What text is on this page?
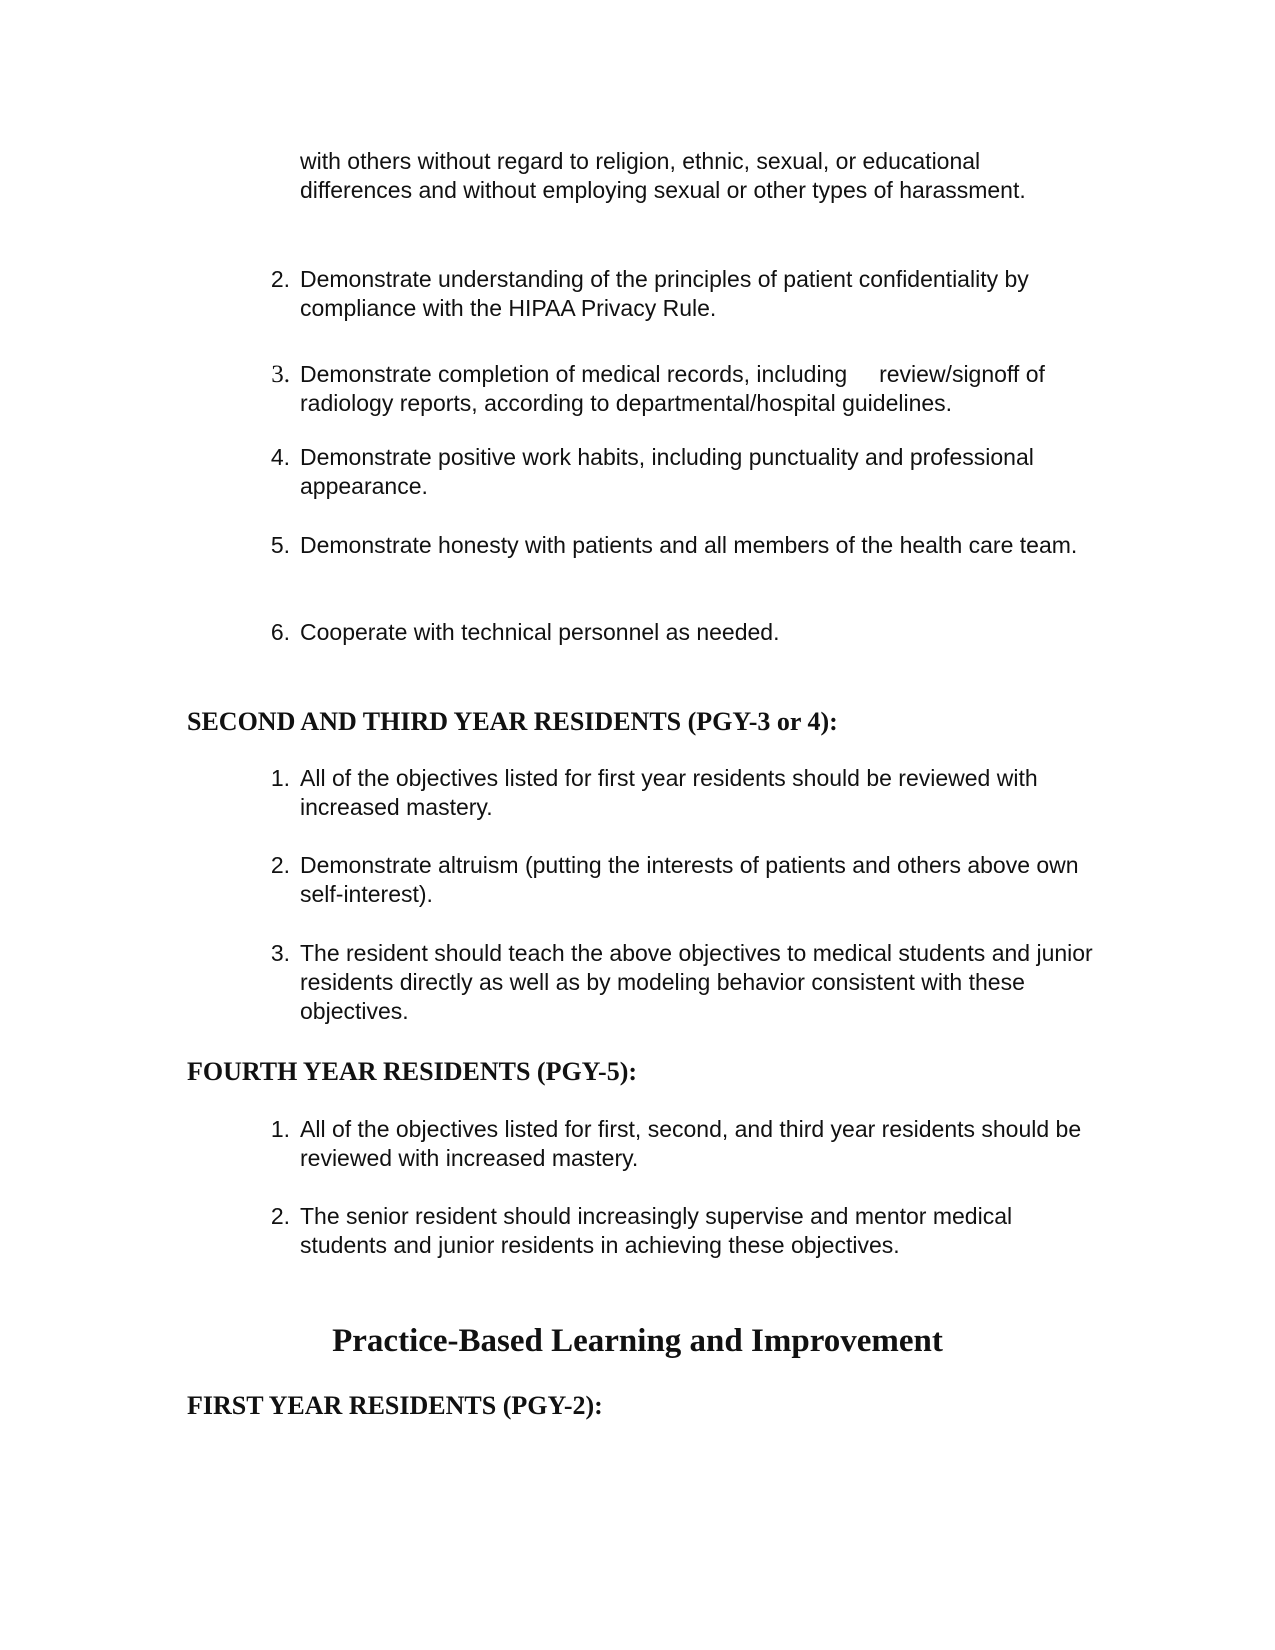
with others without regard to religion, ethnic, sexual, or educational differences and without employing sexual or other types of harassment.

2. Demonstrate understanding of the principles of patient confidentiality by compliance with the HIPAA Privacy Rule.

3. Demonstrate completion of medical records, including     review/signoff of radiology reports, according to departmental/hospital guidelines.

4. Demonstrate positive work habits, including punctuality and professional appearance.

5. Demonstrate honesty with patients and all members of the health care team.

6. Cooperate with technical personnel as needed.

SECOND AND THIRD YEAR RESIDENTS (PGY-3 or 4):
1. All of the objectives listed for first year residents should be reviewed with increased mastery.

2. Demonstrate altruism (putting the interests of patients and others above own self-interest).

3. The resident should teach the above objectives to medical students and junior residents directly as well as by modeling behavior consistent with these objectives.

FOURTH YEAR RESIDENTS (PGY-5):
1. All of the objectives listed for first, second, and third year residents should be reviewed with increased mastery.

2. The senior resident should increasingly supervise and mentor medical students and junior residents in achieving these objectives.

Practice-Based Learning and Improvement
FIRST YEAR RESIDENTS (PGY-2):
